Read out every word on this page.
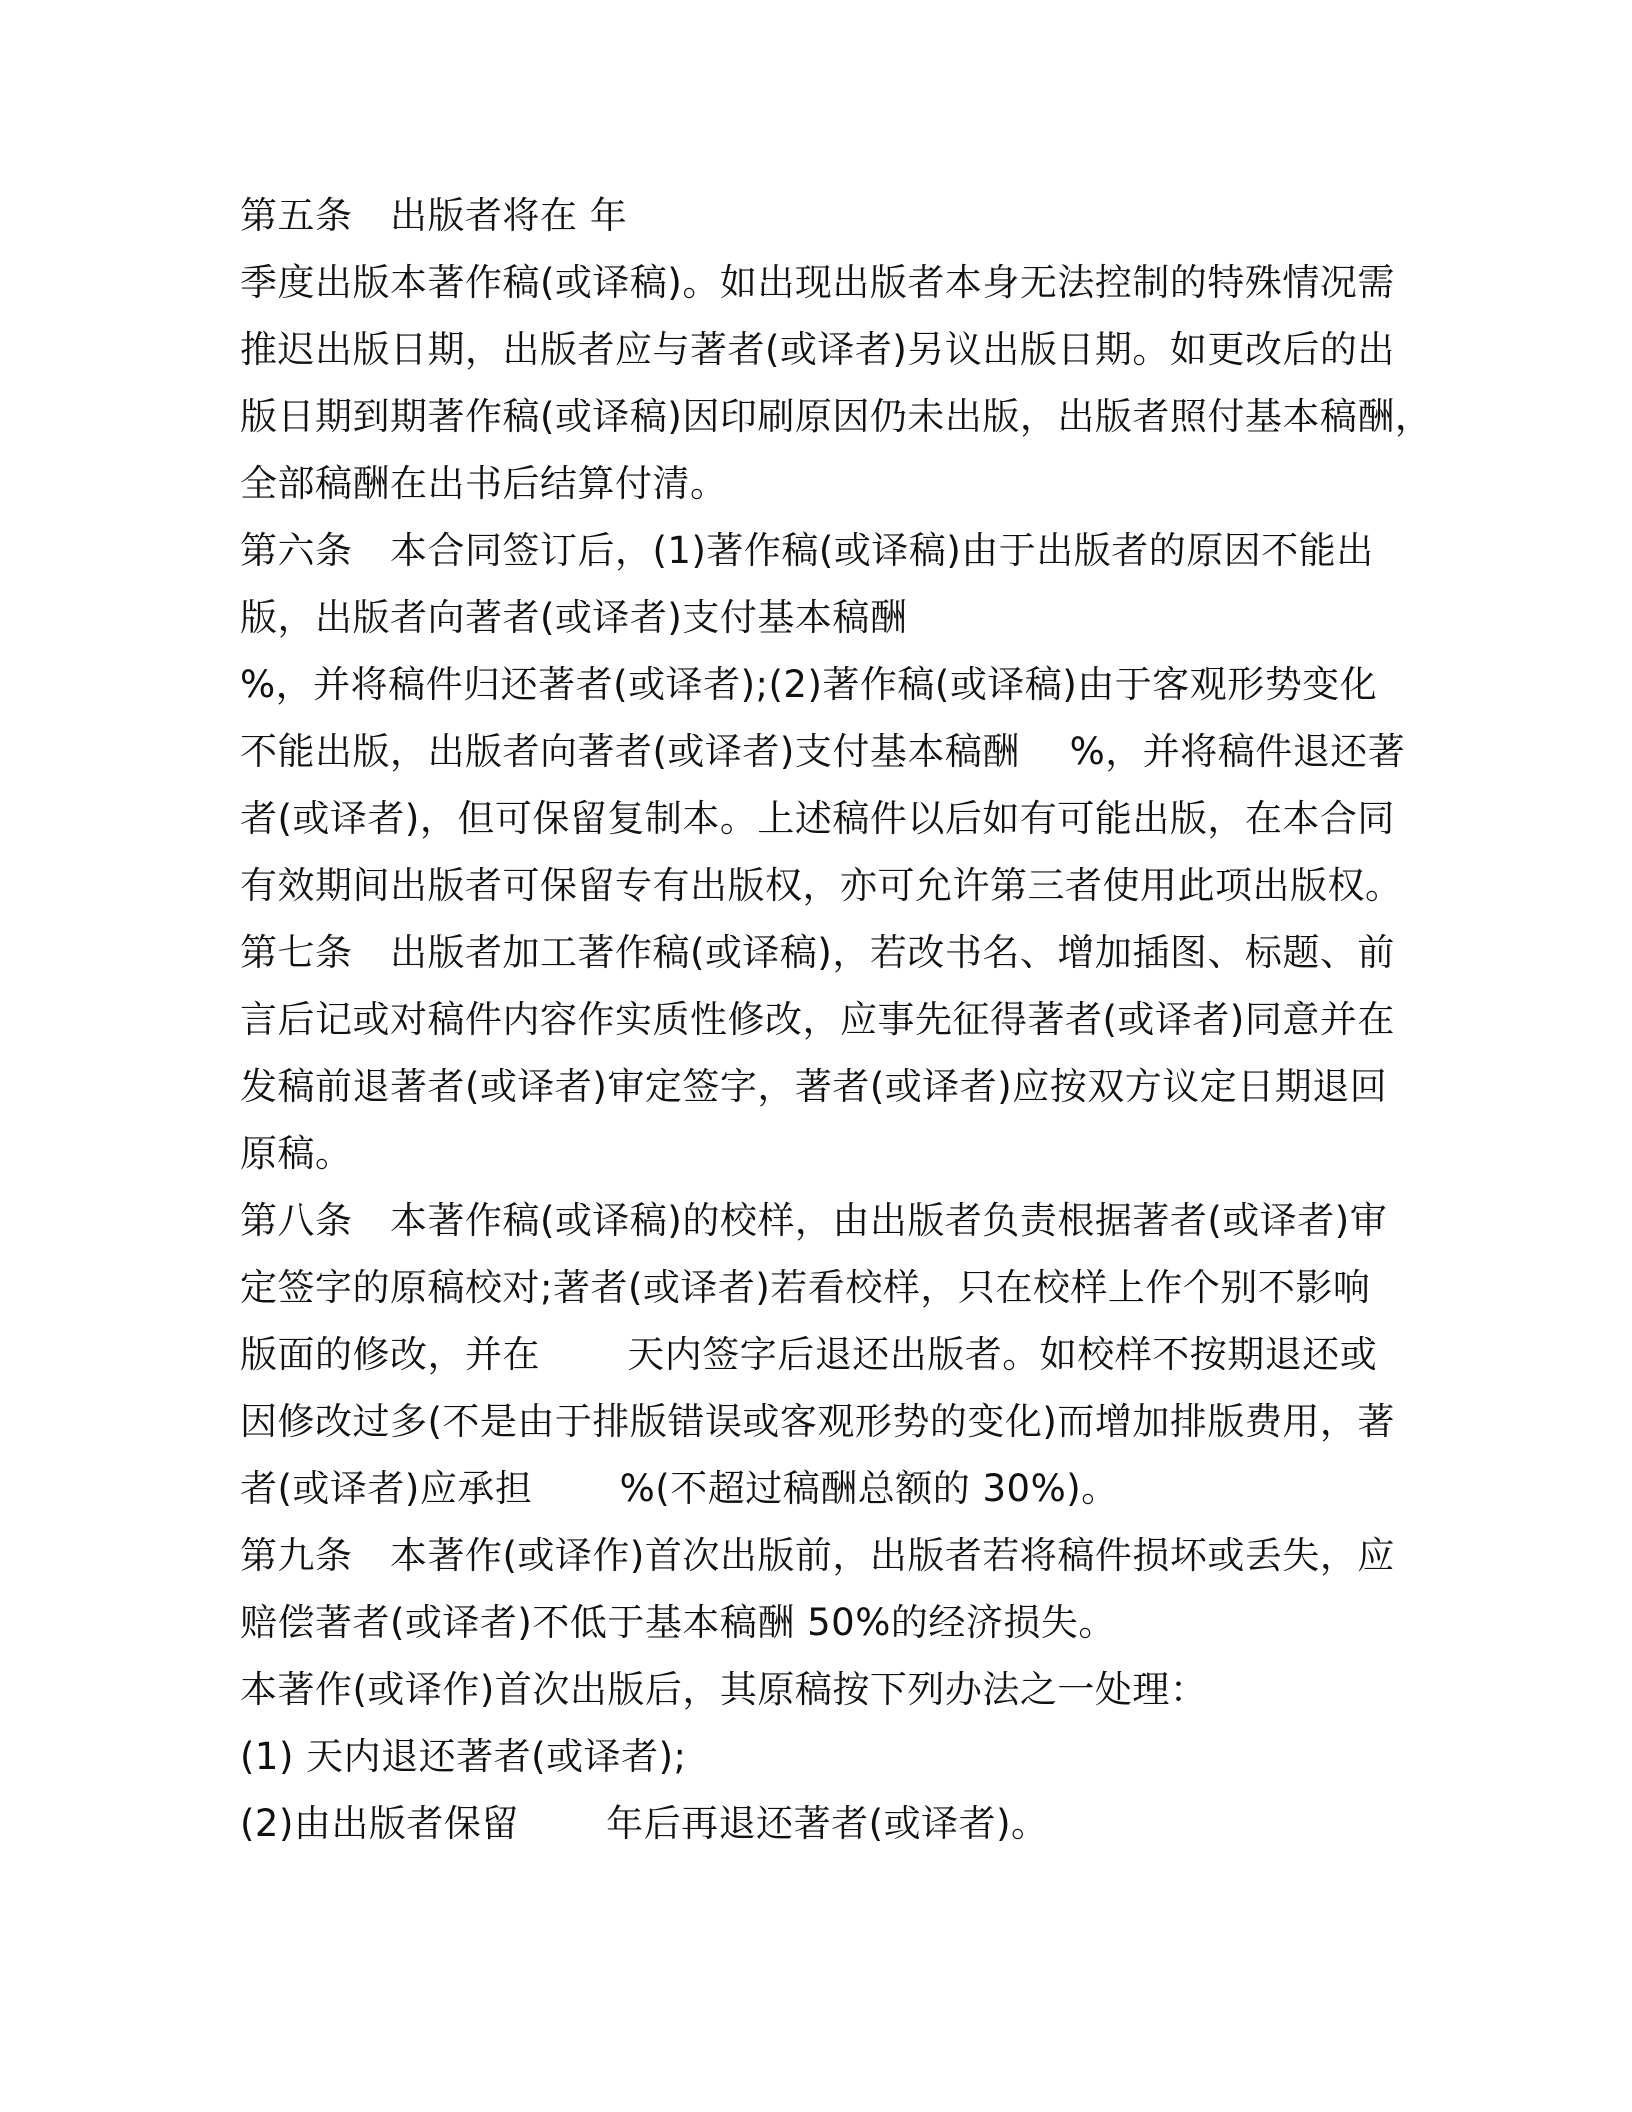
第五条　出版者将在 年
季度出版本著作稿(或译稿)。如出现出版者本身无法控制的特殊情况需
推迟出版日期，出版者应与著者(或译者)另议出版日期。如更改后的出
版日期到期著作稿(或译稿)因印刷原因仍未出版，出版者照付基本稿酬，
全部稿酬在出书后结算付清。
第六条　本合同签订后，(1)著作稿(或译稿)由于出版者的原因不能出
版，出版者向著者(或译者)支付基本稿酬
%，并将稿件归还著者(或译者);(2)著作稿(或译稿)由于客观形势变化
不能出版，出版者向著者(或译者)支付基本稿酬　 %，并将稿件退还著
者(或译者)，但可保留复制本。上述稿件以后如有可能出版，在本合同
有效期间出版者可保留专有出版权，亦可允许第三者使用此项出版权。
第七条　出版者加工著作稿(或译稿)，若改书名、增加插图、标题、前
言后记或对稿件内容作实质性修改，应事先征得著者(或译者)同意并在
发稿前退著者(或译者)审定签字，著者(或译者)应按双方议定日期退回
原稿。
第八条　本著作稿(或译稿)的校样，由出版者负责根据著者(或译者)审
定签字的原稿校对;著者(或译者)若看校样，只在校样上作个别不影响
版面的修改，并在　　 天内签字后退还出版者。如校样不按期退还或
因修改过多(不是由于排版错误或客观形势的变化)而增加排版费用，著
者(或译者)应承担　　 %(不超过稿酬总额的 30%)。
第九条　本著作(或译作)首次出版前，出版者若将稿件损坏或丢失，应
赔偿著者(或译者)不低于基本稿酬 50%的经济损失。
本著作(或译作)首次出版后，其原稿按下列办法之一处理：
(1) 天内退还著者(或译者);
(2)由出版者保留　　 年后再退还著者(或译者)。
